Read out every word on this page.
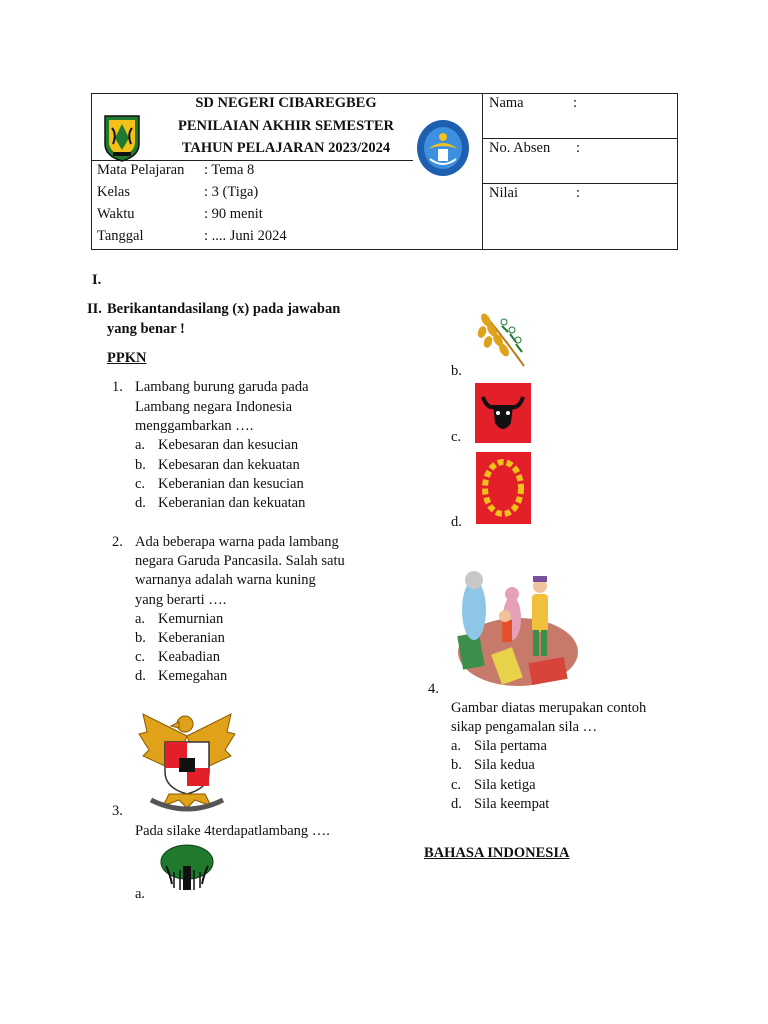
SD NEGERI CIBAREGBEG
PENILAIAN AKHIR SEMESTER
TAHUN PELAJARAN 2023/2024
Mata Pelajaran : Tema 8
Kelas	: 3 (Tiga)
Waktu	: 90 menit
Tanggal	: .... Juni 2024
Nama	:
No. Absen :
Nilai	:
I.
II. Berikantandasilang (x) pada jawaban
yang benar !
PPKN
1. Lambang burung garuda pada
Lambang negara Indonesia
menggambarkan ….
a. Kebesaran dan kesucian
b. Kebesaran dan kekuatan
c. Keberanian dan kesucian
d. Keberanian dan kekuatan
2. Ada beberapa warna pada lambang
negara Garuda Pancasila. Salah satu
warnanya adalah warna kuning
yang berarti ….
a. Kemurnian
b. Keberanian
c. Keabadian
d. Kemegahan
3.
Pada silake 4terdapatlambang ….
a.
b.
c.
d.
4.
Gambar diatas merupakan contoh
sikap pengamalan sila …
a. Sila pertama
b. Sila kedua
c. Sila ketiga
d. Sila keempat
BAHASA INDONESIA
